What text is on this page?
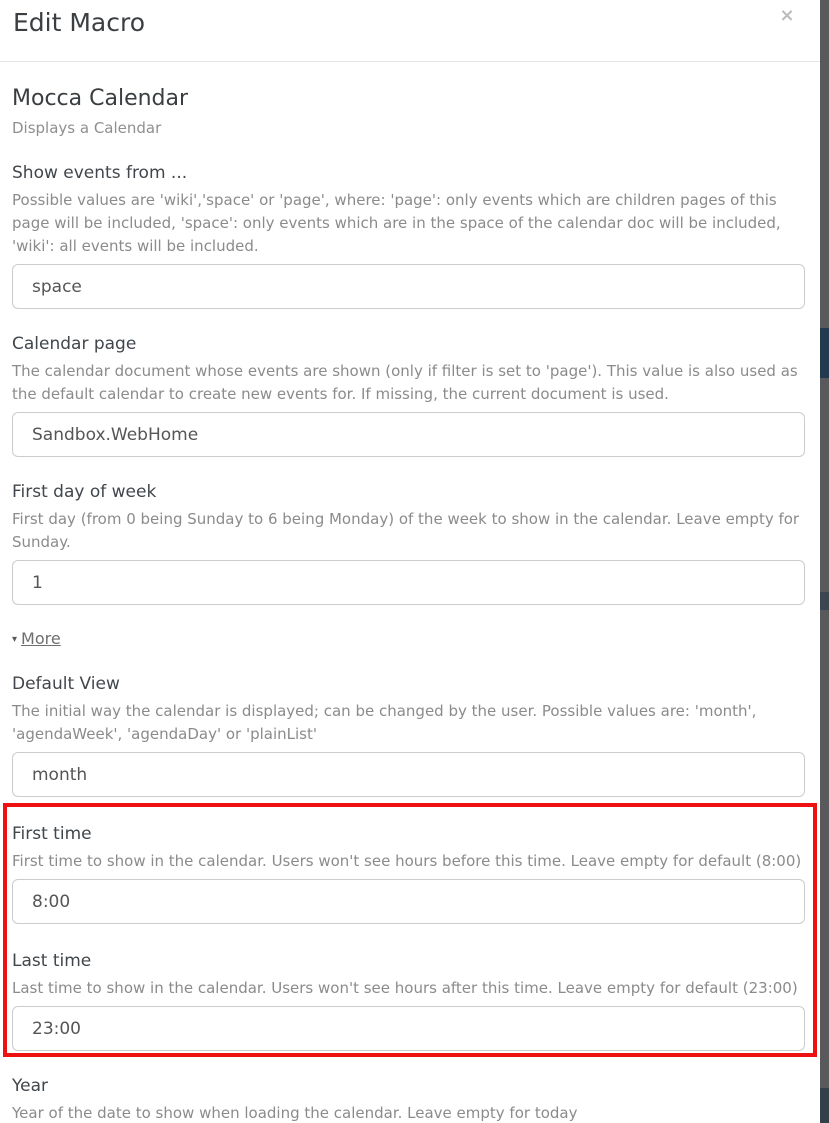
Edit Macro	×
Mocca Calendar
Displays a Calendar
Show events from ...
Possible values are 'wiki','space' or 'page', where: 'page': only events which are children pages of this page will be included, 'space': only events which are in the space of the calendar doc will be included, 'wiki': all events will be included.
space
Calendar page
The calendar document whose events are shown (only if filter is set to 'page'). This value is also used as the default calendar to create new events for. If missing, the current document is used.
Sandbox.WebHome
First day of week
First day (from 0 being Sunday to 6 being Monday) of the week to show in the calendar. Leave empty for Sunday.
1
▾ More
Default View
The initial way the calendar is displayed; can be changed by the user. Possible values are: 'month', 'agendaWeek', 'agendaDay' or 'plainList'
month
First time
First time to show in the calendar. Users won't see hours before this time. Leave empty for default (8:00)
8:00
Last time
Last time to show in the calendar. Users won't see hours after this time. Leave empty for default (23:00)
23:00
Year
Year of the date to show when loading the calendar. Leave empty for today
